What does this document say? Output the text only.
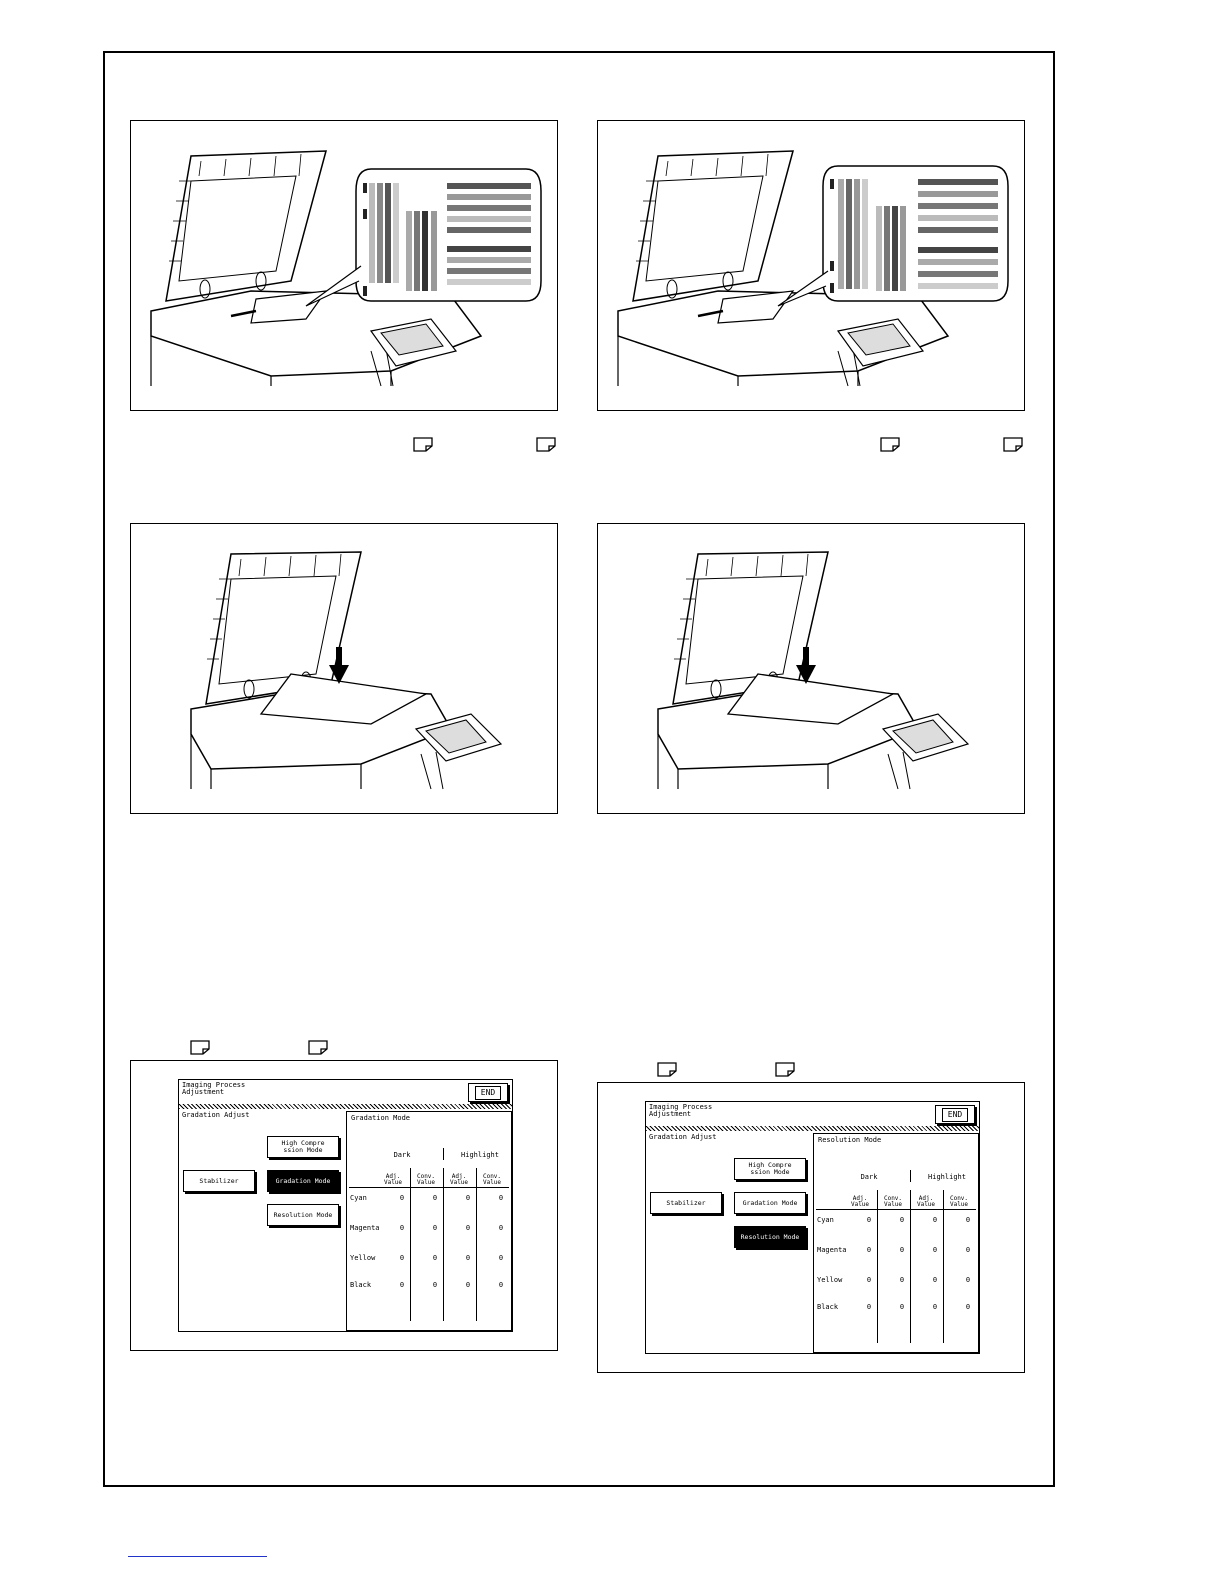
Imaging Process
Adjustment	END
Gradation Adjust
Stabilizer
High Compre
ssion Mode
Gradation Mode
Resolution Mode
Gradation Mode
Dark	Highlight
Adj.
Value
Conv.
Value
Adj.
Value
Conv.
Value
Cyan	0	0	0	0
Magenta	0	0	0	0
Yellow	0	0	0	0
Black	0	0	0	0
Imaging Process
Adjustment	END
Gradation Adjust
Stabilizer
High Compre
ssion Mode
Gradation Mode
Resolution Mode
Resolution Mode
Dark	Highlight
Adj.
Value
Conv.
Value
Adj.
Value
Conv.
Value
Cyan	0	0	0	0
Magenta	0	0	0	0
Yellow	0	0	0	0
Black	0	0	0	0
